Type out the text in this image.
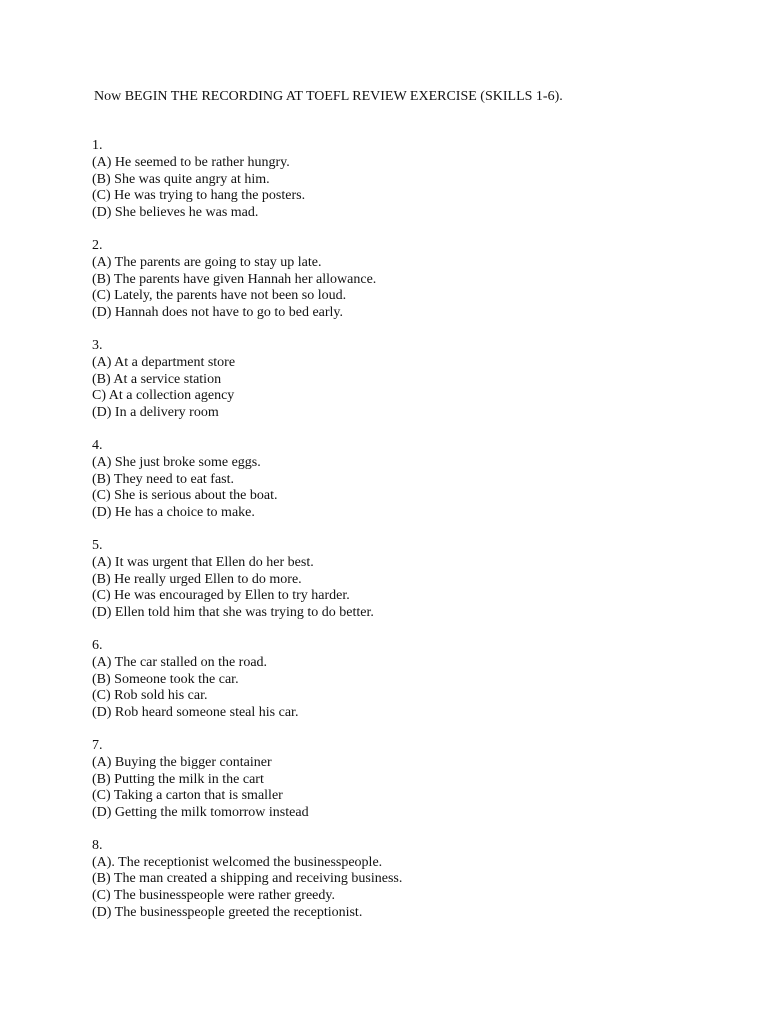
Now BEGIN THE RECORDING AT TOEFL REVIEW EXERCISE (SKILLS 1-6).
1.
(A) He seemed to be rather hungry.
(B) She was quite angry at him.
(C) He was trying to hang the posters.
(D) She believes he was mad.
2.
(A) The parents are going to stay up late.
(B) The parents have given Hannah her allowance.
(C) Lately, the parents have not been so loud.
(D) Hannah does not have to go to bed early.
3.
(A) At a department store
(B) At a service station
C) At a collection agency
(D) In a delivery room
4.
(A) She just broke some eggs.
(B) They need to eat fast.
(C) She is serious about the boat.
(D) He has a choice to make.
5.
(A) It was urgent that Ellen do her best.
(B) He really urged Ellen to do more.
(C) He was encouraged by Ellen to try harder.
(D) Ellen told him that she was trying to do better.
6.
(A) The car stalled on the road.
(B) Someone took the car.
(C) Rob sold his car.
(D) Rob heard someone steal his car.
7.
(A) Buying the bigger container
(B) Putting the milk in the cart
(C) Taking a carton that is smaller
(D) Getting the milk tomorrow instead
8.
(A). The receptionist welcomed the businesspeople.
(B) The man created a shipping and receiving business.
(C) The businesspeople were rather greedy.
(D) The businesspeople greeted the receptionist.
